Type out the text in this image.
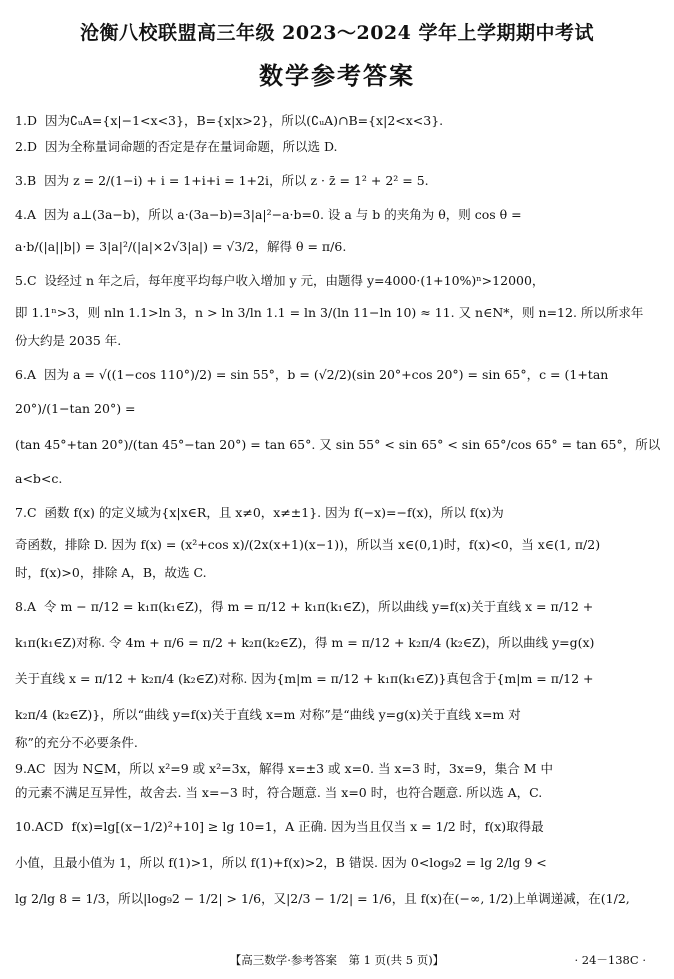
沧衡八校联盟高三年级 2023～2024 学年上学期期中考试
数学参考答案
1.D 因为∁ᵤA={x|−1<x<3}，B={x|x>2}，所以(∁ᵤA)∩B={x|2<x<3}.
2.D 因为全称量词命题的否定是存在量词命题，所以选 D.
3.B 因为 z = 2/(1−i) + i = 1+i+i = 1+2i，所以 z · z̄ = 1² + 2² = 5.
4.A 因为 a⊥(3a−b)，所以 a·(3a−b)=3|a|²−a·b=0. 设 a 与 b 的夹角为 θ，则 cos θ =
a·b/(|a||b|) = 3|a|²/(|a|×2√3|a|) = √3/2，解得 θ = π/6.
5.C 设经过 n 年之后，每年度平均每户收入增加 y 元，由题得 y=4000·(1+10%)ⁿ>12000，
即 1.1ⁿ>3，则 nln 1.1>ln 3，n > ln 3/ln 1.1 = ln 3/(ln 11−ln 10) ≈ 11. 又 n∈N*，则 n=12. 所以所求年
份大约是 2035 年.
6.A 因为 a = √((1−cos 110°)/2) = sin 55°，b = (√2/2)(sin 20°+cos 20°) = sin 65°，c = (1+tan 20°)/(1−tan 20°) =
(tan 45°+tan 20°)/(tan 45°−tan 20°) = tan 65°. 又 sin 55° < sin 65° < sin 65°/cos 65° = tan 65°，所以 a<b<c.
7.C 函数 f(x) 的定义域为{x|x∈R，且 x≠0，x≠±1}. 因为 f(−x)=−f(x)，所以 f(x)为
奇函数，排除 D. 因为 f(x) = (x²+cos x)/(2x(x+1)(x−1))，所以当 x∈(0,1)时，f(x)<0，当 x∈(1, π/2)
时，f(x)>0，排除 A，B，故选 C.
8.A 令 m − π/12 = k₁π(k₁∈Z)，得 m = π/12 + k₁π(k₁∈Z)，所以曲线 y=f(x)关于直线 x = π/12 +
k₁π(k₁∈Z)对称. 令 4m + π/6 = π/2 + k₂π(k₂∈Z)，得 m = π/12 + k₂π/4 (k₂∈Z)，所以曲线 y=g(x)
关于直线 x = π/12 + k₂π/4 (k₂∈Z)对称. 因为{m|m = π/12 + k₁π(k₁∈Z)}真包含于{m|m = π/12 +
k₂π/4 (k₂∈Z)}，所以“曲线 y=f(x)关于直线 x=m 对称”是“曲线 y=g(x)关于直线 x=m 对
称”的充分不必要条件.
9.AC 因为 N⊆M，所以 x²=9 或 x²=3x，解得 x=±3 或 x=0. 当 x=3 时，3x=9，集合 M 中
的元素不满足互异性，故舍去. 当 x=−3 时，符合题意. 当 x=0 时，也符合题意. 所以选 A，C.
10.ACD f(x)=lg[(x−1/2)²+10] ≥ lg 10=1，A 正确. 因为当且仅当 x = 1/2 时，f(x)取得最
小值，且最小值为 1，所以 f(1)>1，所以 f(1)+f(x)>2，B 错误. 因为 0<log₉2 = lg 2/lg 9 <
lg 2/lg 8 = 1/3，所以|log₉2 − 1/2| > 1/6，又|2/3 − 1/2| = 1/6，且 f(x)在(−∞, 1/2)上单调递减，在(1/2,
【高三数学·参考答案　第 1 页(共 5 页)】	· 24－138C ·
